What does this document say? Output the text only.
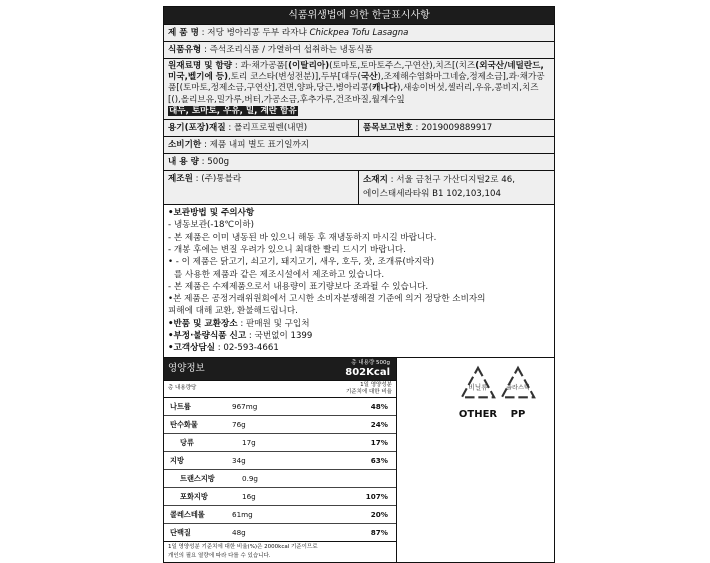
식품위생법에 의한 한글표시사항
제 품 명 : 저당 병아리콩 두부 라자냐 Chickpea Tofu Lasagna
식품유형 : 즉석조리식품 / 가열하여 섭취하는 냉동식품
원재료명 및 함량 : 과·채가공품[(이탈리아)(토마토,토마토주스,구연산),치즈[(치즈(외국산/네덜란드,미국,벨기에 등),토리 코스타(변성전분)],두부[대두(국산),조제해수염화마그네슘,정제소금],과·채가공품[(토마토,정제소금,구연산],견면,양파,당근,병아리콩(캐나다),새송이버섯,셀러리,우유,콩비지,치즈[(),올리브유,밀가루,버터,가공소금,후추가루,건조바질,월계수잎
대두, 토마토, 우유, 밀, 계란 함유
용기(포장)재질 : 폴리프로필렌(내면)	품목보고번호 : 2019009889917
소비기한 : 제품 내피 별도 표기일까지
내 용 량 : 500g
제조원 : (주)통블라	소재지 : 서울 금천구 가산디지털2로 46,
에이스태세라타워 B1 102,103,104

•보관방법 및 주의사항

- 냉동보관(-18℃이하)

- 본 제품은 이미 냉동된 바 있으니 해동 후 재냉동하지 마시길 바랍니다.

- 개봉 후에는 변질 우려가 있으니 최대한 빨리 드시기 바랍니다.

• - 이 제품은 닭고기, 쇠고기, 돼지고기, 새우, 호두, 잣, 조개류(바지락)

를 사용한 제품과 같은 제조시설에서 제조하고 있습니다.

- 본 제품은 수제제품으로서 내용량이 표기량보다 조과될 수 있습니다.

•본 제품은 공정거래위원회에서 고시한 소비자분쟁해결 기준에 의거 정당한 소비자의

피해에 대해 교환, 환불해드립니다.

•반품 및 교환장소 : 판매원 및 구입처

•부정·불량식품 신고 : 국번없이 1399

•고객상담실 : 02-593-4661

영양정보	총 내용량 500g
802Kcal
총 내용량당	1일 영양성분
기준치에 대한 비율
나트륨	967mg	48%
탄수화물	76g	24%
당류	17g	17%
지방	34g	63%
트랜스지방	0.9g
포화지방	16g	107%
콜레스테롤	61mg	20%
단백질	48g	87%
1일 영양성분 기준치에 대한 비율(%)은 2000kcal 기준이므로
개인의 필요 열량에 따라 다를 수 있습니다.
비닐류
OTHER
플라스틱
PP
